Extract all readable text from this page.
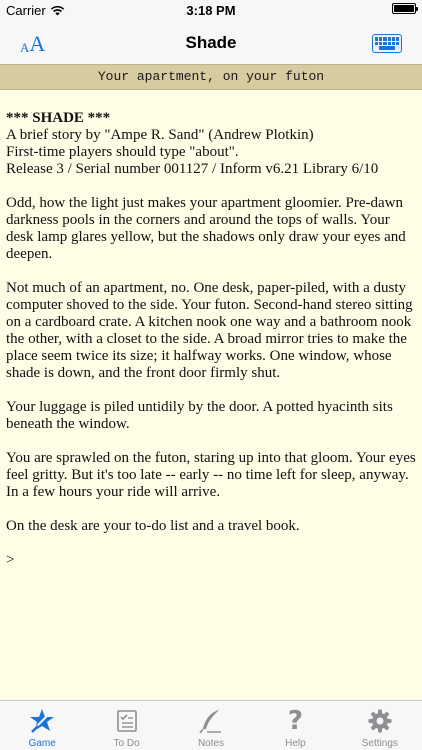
Carrier	3:18 PM
A A	Shade
Your apartment, on your futon

*** SHADE ***

A brief story by "Ampe R. Sand" (Andrew Plotkin)

First-time players should type "about".

Release 3 / Serial number 001127 / Inform v6.21 Library 6/10

Odd, how the light just makes your apartment gloomier. Pre-dawn darkness pools in the corners and around the tops of walls. Your desk lamp glares yellow, but the shadows only draw your eyes and deepen.

Not much of an apartment, no. One desk, paper-piled, with a dusty computer shoved to the side. Your futon. Second-hand stereo sitting on a cardboard crate. A kitchen nook one way and a bathroom nook the other, with a closet to the side. A broad mirror tries to make the place seem twice its size; it halfway works. One window, whose shade is down, and the front door firmly shut.

Your luggage is piled untidily by the door. A potted hyacinth sits beneath the window.

You are sprawled on the futon, staring up into that gloom. Your eyes feel gritty. But it's too late -- early -- no time left for sleep, anyway. In a few hours your ride will arrive.

On the desk are your to-do list and a travel book.

>

Game	To Do	Notes
?
Help	Settings
